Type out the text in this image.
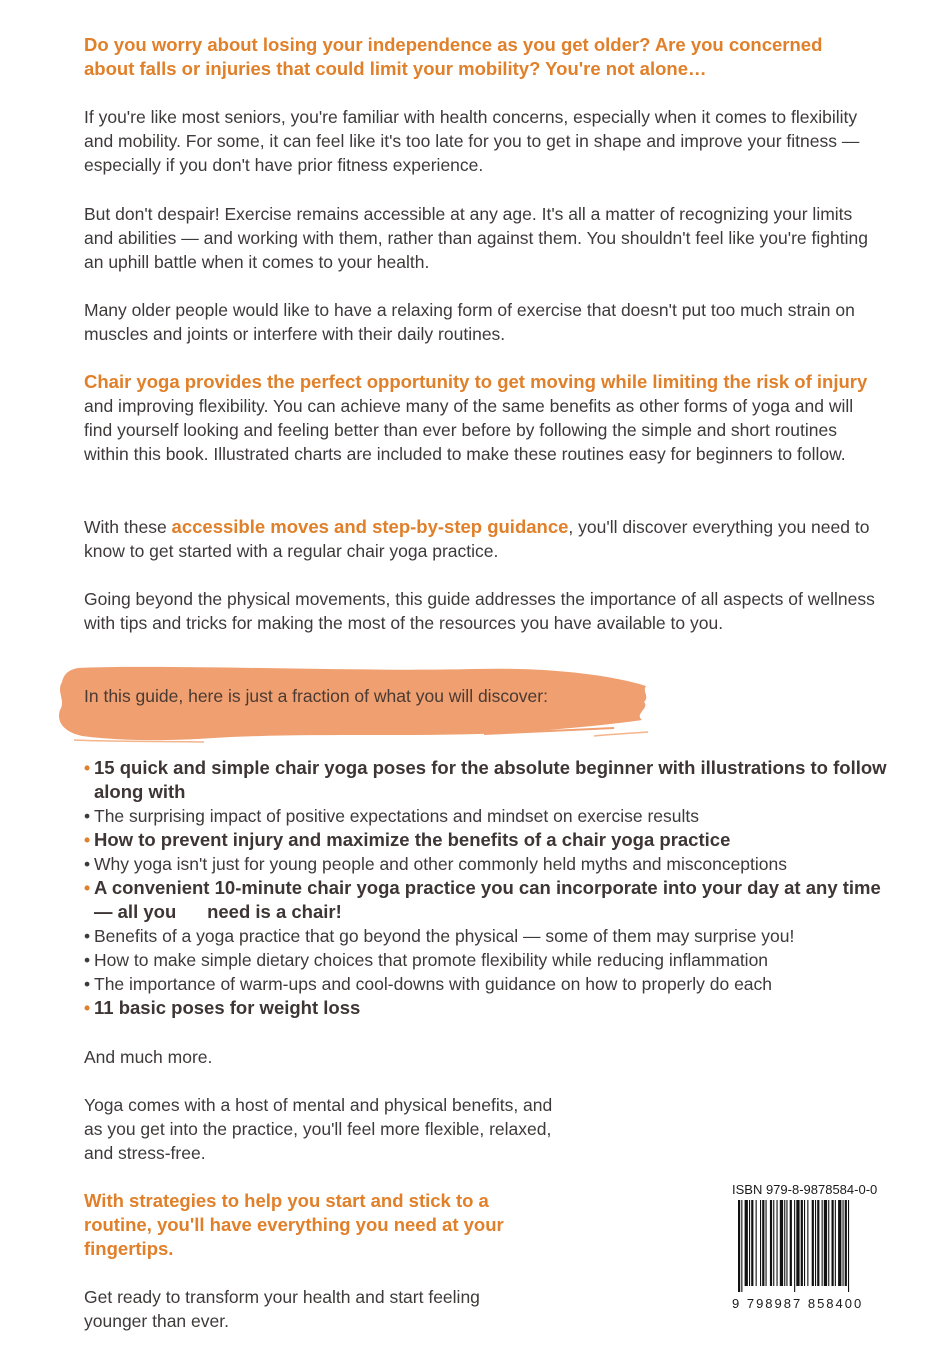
Do you worry about losing your independence as you get older? Are you concerned about falls or injuries that could limit your mobility? You're not alone…
If you're like most seniors, you're familiar with health concerns, especially when it comes to flexibility and mobility. For some, it can feel like it's too late for you to get in shape and improve your fitness — especially if you don't have prior fitness experience.
But don't despair! Exercise remains accessible at any age. It's all a matter of recognizing your limits and abilities — and working with them, rather than against them. You shouldn't feel like you're fighting an uphill battle when it comes to your health.
Many older people would like to have a relaxing form of exercise that doesn't put too much strain on muscles and joints or interfere with their daily routines.
Chair yoga provides the perfect opportunity to get moving while limiting the risk of injury and improving flexibility. You can achieve many of the same benefits as other forms of yoga and will find yourself looking and feeling better than ever before by following the simple and short routines within this book. Illustrated charts are included to make these routines easy for beginners to follow.
With these accessible moves and step-by-step guidance, you'll discover everything you need to know to get started with a regular chair yoga practice.
Going beyond the physical movements, this guide addresses the importance of all aspects of wellness with tips and tricks for making the most of the resources you have available to you.
In this guide, here is just a fraction of what you will discover:
• 15 quick and simple chair yoga poses for the absolute beginner with illustrations to follow along with
• The surprising impact of positive expectations and mindset on exercise results
• How to prevent injury and maximize the benefits of a chair yoga practice
• Why yoga isn't just for young people and other commonly held myths and misconceptions
• A convenient 10-minute chair yoga practice you can incorporate into your day at any time — all you      need is a chair!
• Benefits of a yoga practice that go beyond the physical — some of them may surprise you!
• How to make simple dietary choices that promote flexibility while reducing inflammation
• The importance of warm-ups and cool-downs with guidance on how to properly do each
• 11 basic poses for weight loss
And much more.
Yoga comes with a host of mental and physical benefits, and as you get into the practice, you'll feel more flexible, relaxed, and stress-free.
With strategies to help you start and stick to a routine, you'll have everything you need at your fingertips.
Get ready to transform your health and start feeling younger than ever.
ISBN 979-8-9878584-0-0
9 798987 858400
